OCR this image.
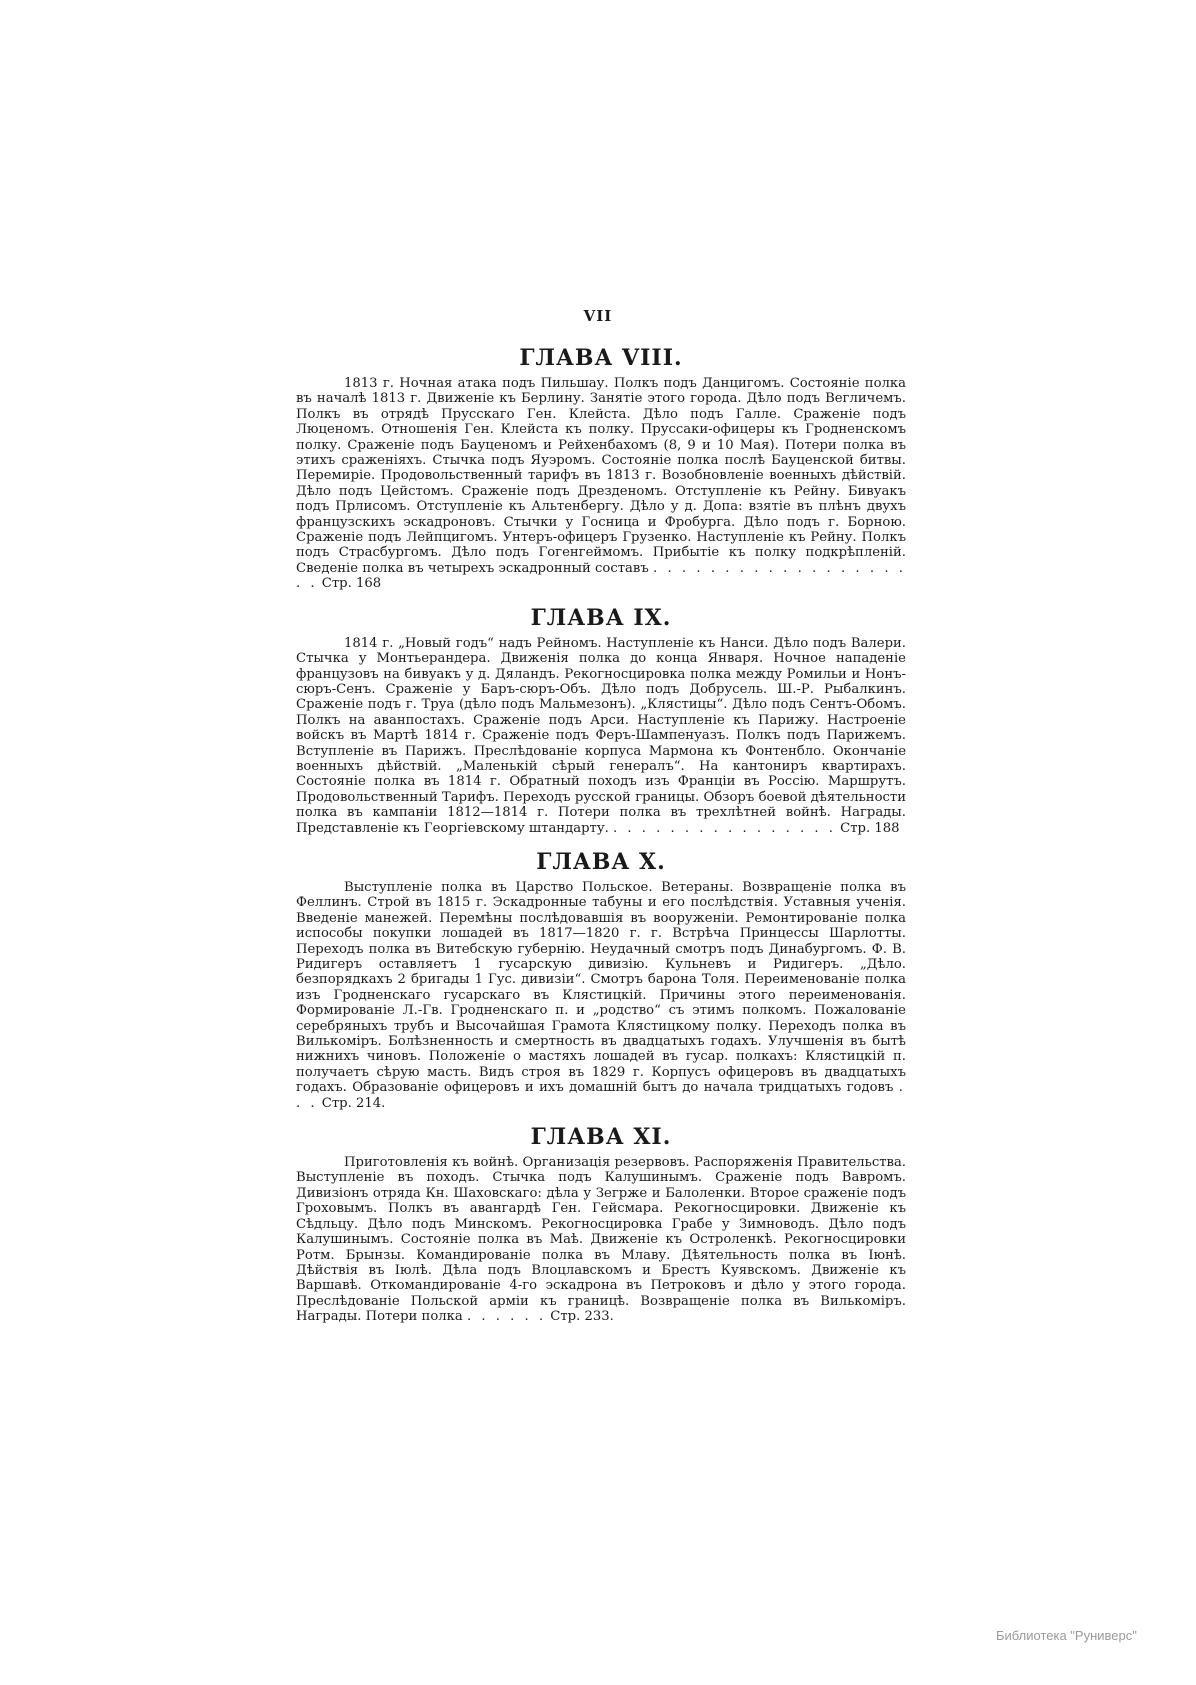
VII
ГЛАВА VIII.

1813 г. Ночная атака подъ Пильшау. Полкъ подъ Данцигомъ. Состояніе полка въ началѣ 1813 г. Движеніе къ Берлину. Занятіе этого города. Дѣло подъ Вегличемъ. Полкъ въ отрядѣ Прусскаго Ген. Клейста. Дѣло подъ Галле. Сраженіе подъ Люценомъ. Отношенія Ген. Клейста къ полку. Пруссаки-офицеры къ Гродненскомъ полку. Сраженіе подъ Бауценомъ и Рейхенбахомъ (8, 9 и 10 Мая). Потери полка въ этихъ сраженіяхъ. Стычка подъ Яуэромъ. Состояніе полка послѣ Бауценской битвы. Перемиріе. Продовольственный тарифъ въ 1813 г. Возобновленіе военныхъ дѣйствій. Дѣло подъ Цейстомъ. Сраженіе подъ Дрезденомъ. Отступленіе къ Рейну. Бивуакъ подъ Прлисомъ. Отступленіе къ Альтенбергу. Дѣло у д. Допа: взятіе въ плѣнъ двухъ французскихъ эскадроновъ. Стычки у Госница и Фробурга. Дѣло подъ г. Борною. Сраженіе подъ Лейпцигомъ. Унтеръ-офицеръ Грузенко. Наступленіе къ Рейну. Полкъ подъ Страсбургомъ. Дѣло подъ Гогенгеймомъ. Прибытіе къ полку подкрѣпленій. Сведеніе полка въ четырехъ эскадронный составъ . . . . . . . . . . . . . . . . . . . . Стр. 168

ГЛАВА IX.

1814 г. „Новый годъ“ надъ Рейномъ. Наступленіе къ Нанси. Дѣло подъ Валери. Стычка у Монтьерандера. Движенія полка до конца Января. Ночное нападеніе французовъ на бивуакъ у д. Дяландъ. Рекогносцировка полка между Ромильи и Нонъ-сюръ-Сенъ. Сраженіе у Баръ-сюръ-Объ. Дѣло подъ Добрусель. Ш.-Р. Рыбалкинъ. Сраженіе подъ г. Труа (дѣло подъ Мальмезонъ). „Клястицы“. Дѣло подъ Сентъ-Обомъ. Полкъ на аванпостахъ. Сраженіе подъ Арси. Наступленіе къ Парижу. Настроеніе войскъ въ Мартѣ 1814 г. Сраженіе подъ Феръ-Шампенуазъ. Полкъ подъ Парижемъ. Вступленіе въ Парижъ. Преслѣдованіе корпуса Мармона къ Фонтенбло. Окончаніе военныхъ дѣйствій. „Маленькій сѣрый генералъ“. На кантониръ квартирахъ. Состояніе полка въ 1814 г. Обратный походъ изъ Франціи въ Россію. Маршрутъ. Продовольственный Тарифъ. Переходъ русской границы. Обзоръ боевой дѣятельности полка въ кампаніи 1812—1814 г. Потери полка въ трехлѣтней войнѣ. Награды. Представленіе къ Георгіевскому штандарту. . . . . . . . . . . . . . . . . Стр. 188

ГЛАВА X.

Выступленіе полка въ Царство Польское. Ветераны. Возвращеніе полка въ Феллинъ. Строй въ 1815 г. Эскадронные табуны и его послѣдствія. Уставныя ученія. Введеніе манежей. Перемѣны послѣдовавшія въ вооруженіи. Ремонтированіе полка испособы покупки лошадей въ 1817—1820 г. г. Встрѣча Принцессы Шарлотты. Переходъ полка въ Витебскую губернію. Неудачный смотръ подъ Динабургомъ. Ф. В. Ридигеръ оставляетъ 1 гусарскую дивизію. Кульневъ и Ридигеръ. „Дѣло. безпорядкахъ 2 бригады 1 Гус. дивизіи“. Смотръ барона Толя. Переименованіе полка изъ Гродненскаго гусарскаго въ Клястицкій. Причины этого переименованія. Формированіе Л.-Гв. Гродненскаго п. и „родство“ съ этимъ полкомъ. Пожалованіе серебряныхъ трубъ и Высочайшая Грамота Клястицкому полку. Переходъ полка въ Вилькомiръ. Болѣзненность и смертность въ двадцатыхъ годахъ. Улучшенія въ бытѣ нижнихъ чиновъ. Положеніе о мастяхъ лошадей въ гусар. полкахъ: Клястицкій п. получаетъ сѣрую масть. Видъ строя въ 1829 г. Корпусъ офицеровъ въ двадцатыхъ годахъ. Образованіе офицеровъ и ихъ домашній бытъ до начала тридцатыхъ годовъ . . . Стр. 214.

ГЛАВА XI.

Приготовленія къ войнѣ. Организація резервовъ. Распоряженія Правительства. Выступленіе въ походъ. Стычка подъ Калушинымъ. Сраженіе подъ Вавромъ. Дивизіонъ отряда Кн. Шаховскаго: дѣла у Зегрже и Балоленки. Второе сраженіе подъ Гроховымъ. Полкъ въ авангардѣ Ген. Гейсмара. Рекогносцировки. Движеніе къ Сѣдльцу. Дѣло подъ Минскомъ. Рекогносцировка Грабе у Зимноводъ. Дѣло подъ Калушинымъ. Состояніе полка въ Маѣ. Движеніе къ Остроленкѣ. Рекогносцировки Ротм. Брынзы. Командированіе полка въ Млаву. Дѣятельность полка въ Іюнѣ. Дѣйствія въ Іюлѣ. Дѣла подъ Влоцлавскомъ и Брестъ Куявскомъ. Движеніе къ Варшавѣ. Откомандированіе 4-го эскадрона въ Петроковъ и дѣло у этого города. Преслѣдованіе Польской арміи къ границѣ. Возвращеніе полка въ Вилькомiръ. Награды. Потери полка . . . . . . Стр. 233.

Библиотека "Руниверс"
